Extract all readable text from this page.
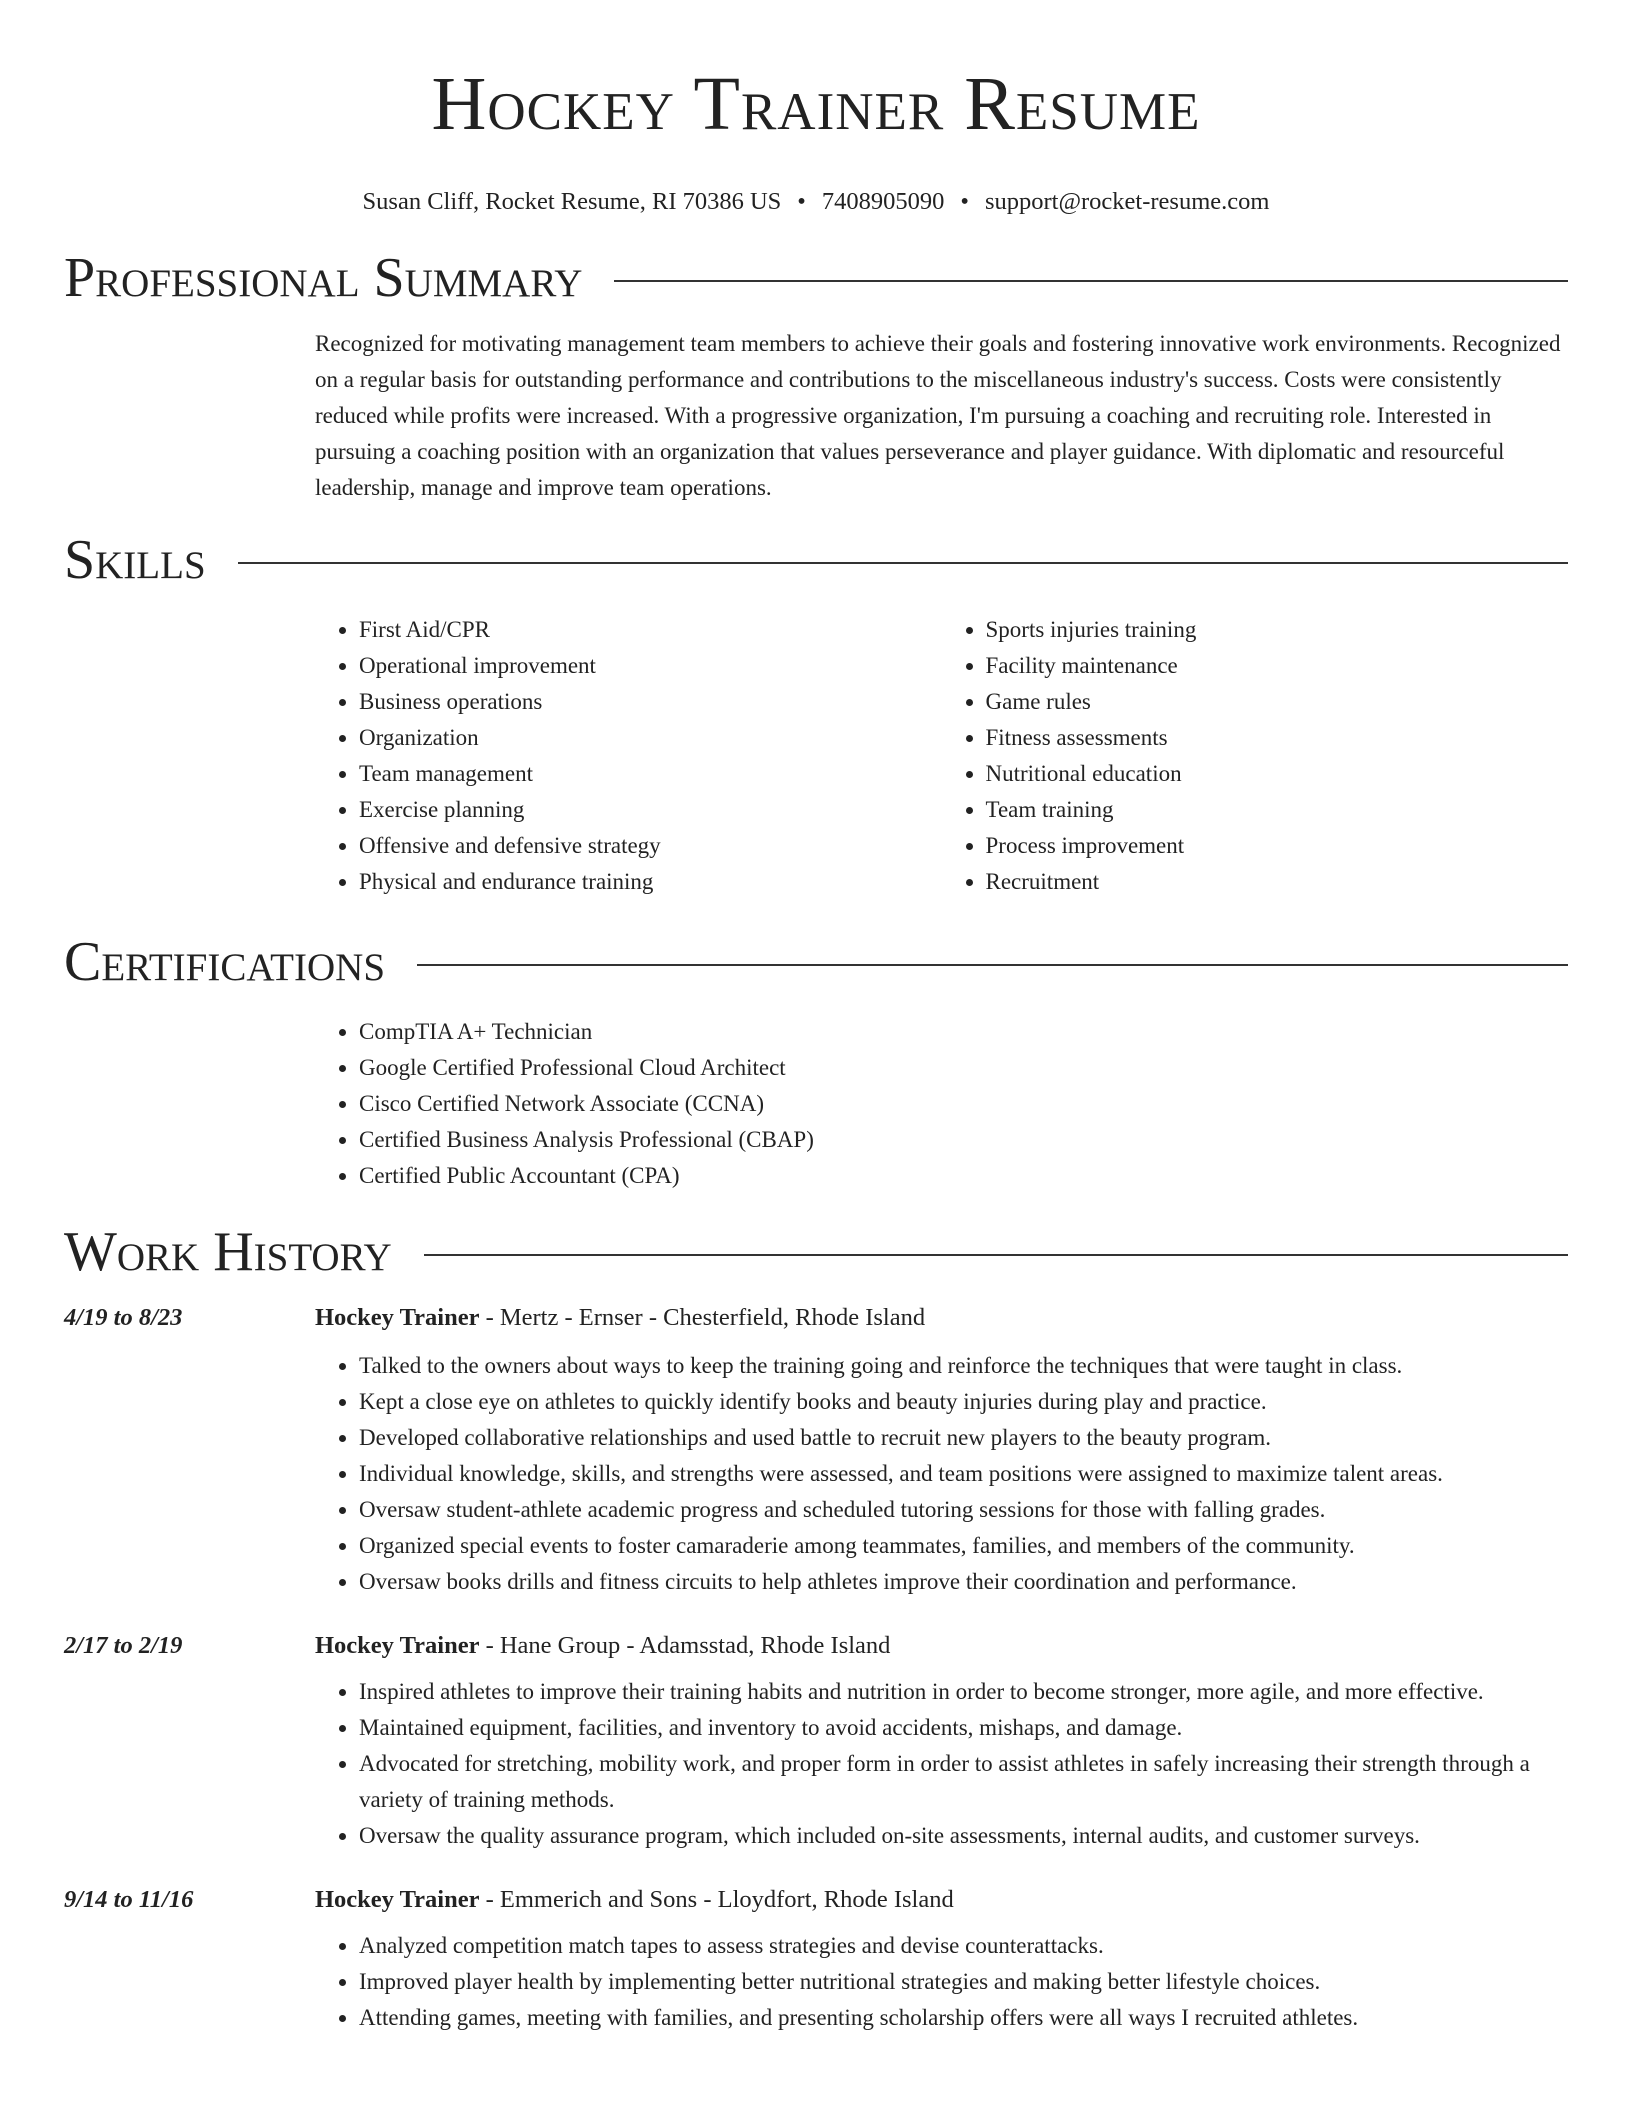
Hockey Trainer Resume
Susan Cliff, Rocket Resume, RI 70386 US • 7408905090 • support@rocket-resume.com
Professional Summary

Recognized for motivating management team members to achieve their goals and fostering innovative work environments. Recognized on a regular basis for outstanding performance and contributions to the miscellaneous industry's success. Costs were consistently reduced while profits were increased. With a progressive organization, I'm pursuing a coaching and recruiting role. Interested in pursuing a coaching position with an organization that values perseverance and player guidance. With diplomatic and resourceful leadership, manage and improve team operations.

Skills
• First Aid/CPR
• Operational improvement
• Business operations
• Organization
• Team management
• Exercise planning
• Offensive and defensive strategy
• Physical and endurance training
• Sports injuries training
• Facility maintenance
• Game rules
• Fitness assessments
• Nutritional education
• Team training
• Process improvement
• Recruitment
Certifications
• CompTIA A+ Technician
• Google Certified Professional Cloud Architect
• Cisco Certified Network Associate (CCNA)
• Certified Business Analysis Professional (CBAP)
• Certified Public Accountant (CPA)
Work History
4/19 to 8/23	Hockey Trainer - Mertz - Ernser - Chesterfield, Rhode Island
• Talked to the owners about ways to keep the training going and reinforce the techniques that were taught in class.
• Kept a close eye on athletes to quickly identify books and beauty injuries during play and practice.
• Developed collaborative relationships and used battle to recruit new players to the beauty program.
• Individual knowledge, skills, and strengths were assessed, and team positions were assigned to maximize talent areas.
• Oversaw student-athlete academic progress and scheduled tutoring sessions for those with falling grades.
• Organized special events to foster camaraderie among teammates, families, and members of the community.
• Oversaw books drills and fitness circuits to help athletes improve their coordination and performance.
2/17 to 2/19	Hockey Trainer - Hane Group - Adamsstad, Rhode Island
• Inspired athletes to improve their training habits and nutrition in order to become stronger, more agile, and more effective.
• Maintained equipment, facilities, and inventory to avoid accidents, mishaps, and damage.
• Advocated for stretching, mobility work, and proper form in order to assist athletes in safely increasing their strength through a variety of training methods.
• Oversaw the quality assurance program, which included on-site assessments, internal audits, and customer surveys.
9/14 to 11/16	Hockey Trainer - Emmerich and Sons - Lloydfort, Rhode Island
• Analyzed competition match tapes to assess strategies and devise counterattacks.
• Improved player health by implementing better nutritional strategies and making better lifestyle choices.
• Attending games, meeting with families, and presenting scholarship offers were all ways I recruited athletes.
